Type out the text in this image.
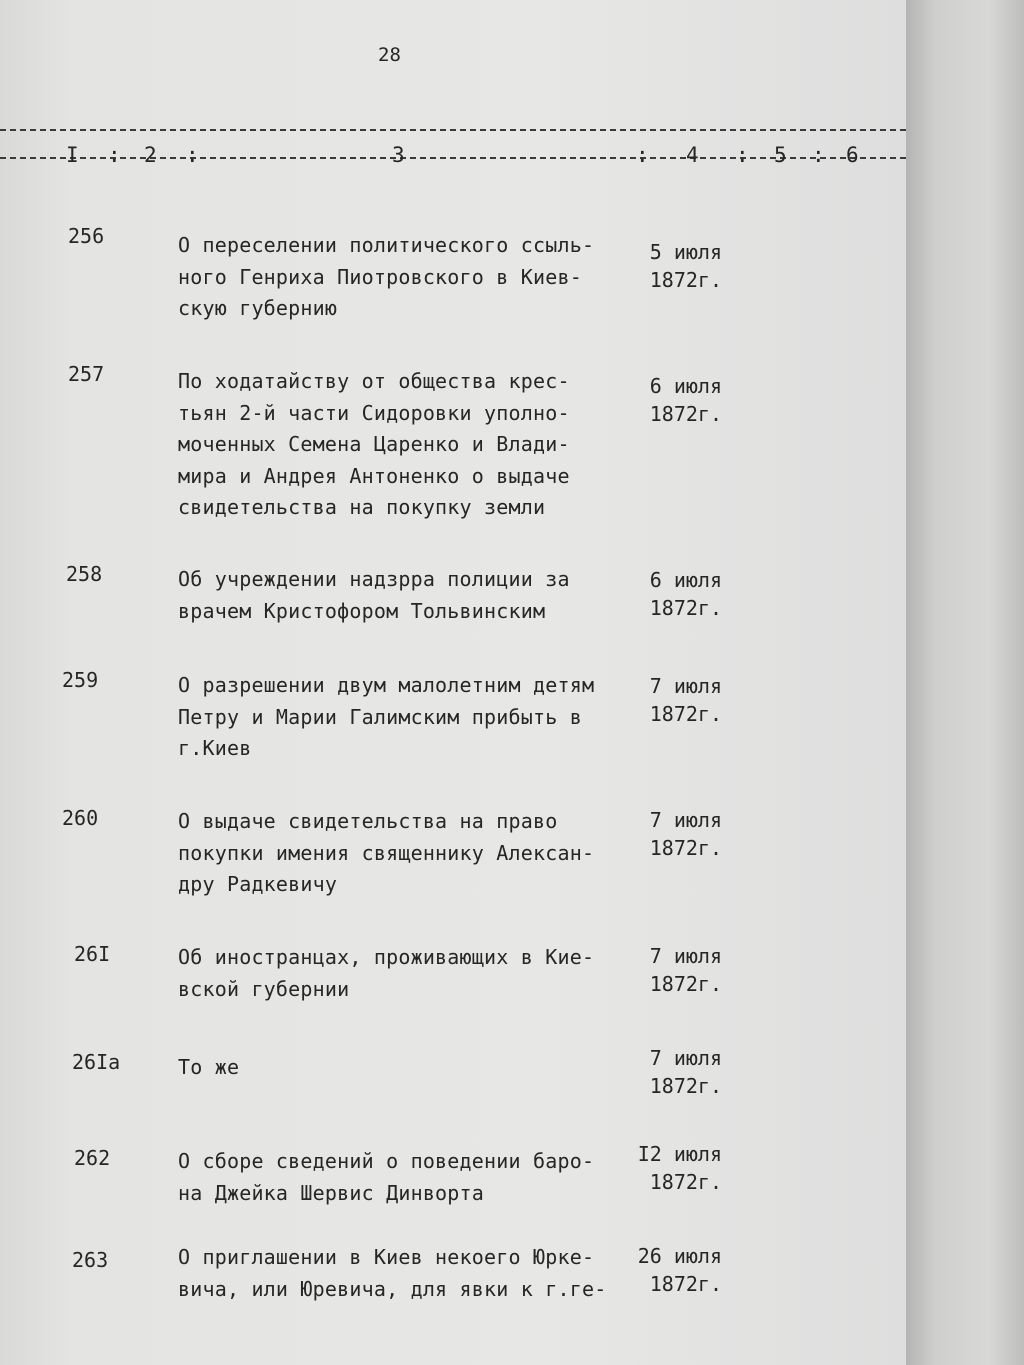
28
I : 2 :	3	: 4 : 5 : 6
256	О переселении политического ссыль-
ного Генриха Пиотровского в Киев-
скую губернию
5 июля
1872г.
257	По ходатайству от общества крес-
тьян 2-й части Сидоровки уполно-
моченных Семена Царенко и Влади-
мира и Андрея Антоненко о выдаче
свидетельства на покупку земли
6 июля
1872г.
258	Об учреждении надзрра полиции за
врачем Кристофором Тольвинским
6 июля
1872г.
259	О разрешении двум малолетним детям
Петру и Марии Галимским прибыть в
г.Киев
7 июля
1872г.
260	О выдаче свидетельства на право
покупки имения священнику Алексан-
дру Радкевичу
7 июля
1872г.
26I	Об иностранцах, проживающих в Кие-
вской губернии
7 июля
1872г.
26Iа	То же	7 июля
1872г.
262	О сборе сведений о поведении баро-
на Джейка Шервис Динворта
I2 июля
1872г.
263	О приглашении в Киев некоего Юрке-
вича, или Юревича, для явки к г.ге-
26 июля
1872г.
